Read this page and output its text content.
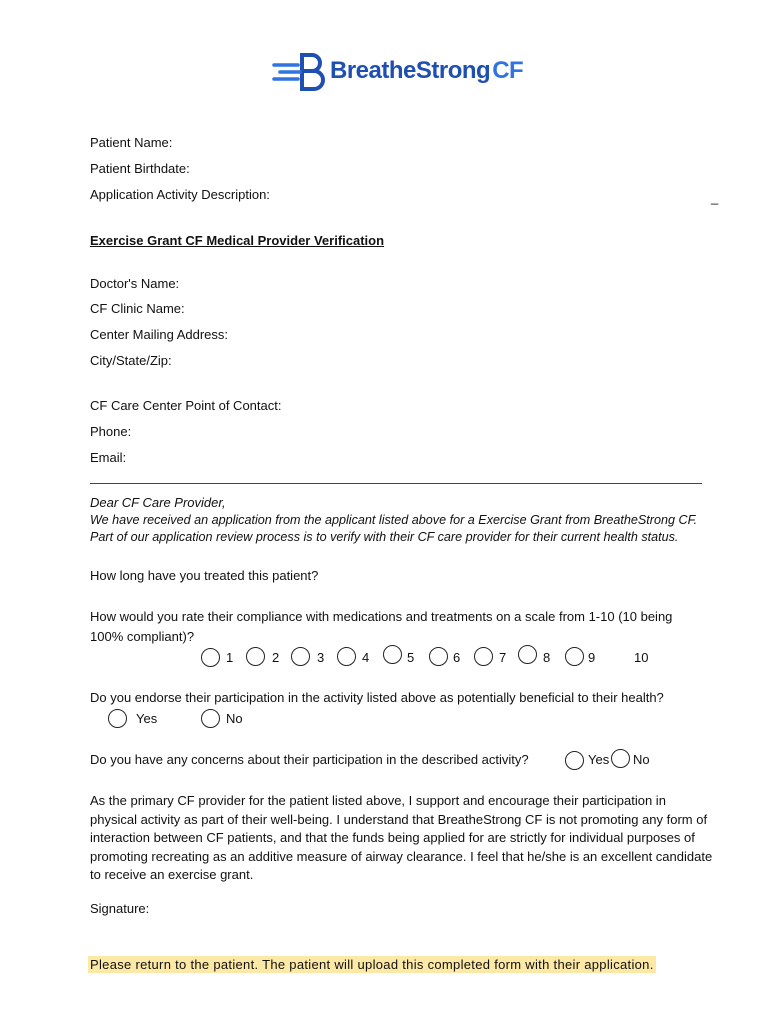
BreatheStrongCF
Patient Name:
Patient Birthdate:
Application Activity Description:	_
Exercise Grant CF Medical Provider Verification
Doctor's Name:
CF Clinic Name:
Center Mailing Address:
City/State/Zip:
CF Care Center Point of Contact:
Phone:
Email:
Dear CF Care Provider,
We have received an application from the applicant listed above for a Exercise Grant from BreatheStrong CF.
Part of our application review process is to verify with their CF care provider for their current health status.
How long have you treated this patient?
How would you rate their compliance with medications and treatments on a scale from 1-10 (10 being
100% compliant)?
1	2	3	4	5	6	7	8	9	10
Do you endorse their participation in the activity listed above as potentially beneficial to their health?
Yes	No
Do you have any concerns about their participation in the described activity?	Yes No
As the primary CF provider for the patient listed above, I support and encourage their participation in physical activity as part of their well-being. I understand that BreatheStrong CF is not promoting any form of interaction between CF patients, and that the funds being applied for are strictly for individual purposes of promoting recreating as an additive measure of airway clearance. I feel that he/she is an excellent candidate to receive an exercise grant.
Signature:
Please return to the patient. The patient will upload this completed form with their application.
